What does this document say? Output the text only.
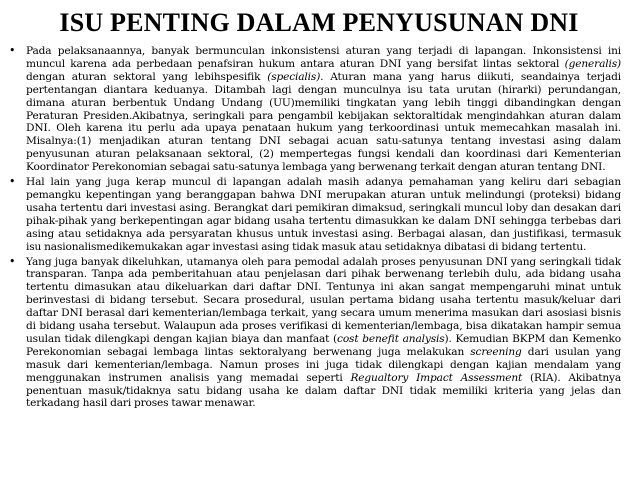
ISU PENTING DALAM PENYUSUNAN DNI
• Pada pelaksanaannya, banyak bermunculan inkonsistensi aturan yang terjadi di lapangan. Inkonsistensi ini muncul karena ada perbedaan penafsiran hukum antara aturan DNI yang bersifat lintas sektoral (generalis) dengan aturan sektoral yang lebihspesifik (specialis). Aturan mana yang harus diikuti, seandainya terjadi pertentangan diantara keduanya. Ditambah lagi dengan munculnya isu tata urutan (hirarki) perundangan, dimana aturan berbentuk Undang Undang (UU)memiliki tingkatan yang lebih tinggi dibandingkan dengan Peraturan Presiden.Akibatnya, seringkali para pengambil kebijakan sektoraltidak mengindahkan aturan dalam DNI. Oleh karena itu perlu ada upaya penataan hukum yang terkoordinasi untuk memecahkan masalah ini. Misalnya:(1) menjadikan aturan tentang DNI sebagai acuan satu-satunya tentang investasi asing dalam penyusunan aturan pelaksanaan sektoral, (2) mempertegas fungsi kendali dan koordinasi dari Kementerian Koordinator Perekonomian sebagai satu-satunya lembaga yang berwenang terkait dengan aturan tentang DNI.
• Hal lain yang juga kerap muncul di lapangan adalah masih adanya pemahaman yang keliru dari sebagian pemangku kepentingan yang beranggapan bahwa DNI merupakan aturan untuk melindungi (proteksi) bidang usaha tertentu dari investasi asing. Berangkat dari pemikiran dimaksud, seringkali muncul loby dan desakan dari pihak-pihak yang berkepentingan agar bidang usaha tertentu dimasukkan ke dalam DNI sehingga terbebas dari asing atau setidaknya ada persyaratan khusus untuk investasi asing. Berbagai alasan, dan justifikasi, termasuk isu nasionalismedikemukakan agar investasi asing tidak masuk atau setidaknya dibatasi di bidang tertentu.
• Yang juga banyak dikeluhkan, utamanya oleh para pemodal adalah proses penyusunan DNI yang seringkali tidak transparan. Tanpa ada pemberitahuan atau penjelasan dari pihak berwenang terlebih dulu, ada bidang usaha tertentu dimasukan atau dikeluarkan dari daftar DNI. Tentunya ini akan sangat mempengaruhi minat untuk berinvestasi di bidang tersebut. Secara prosedural, usulan pertama bidang usaha tertentu masuk/keluar dari daftar DNI berasal dari kementerian/lembaga terkait, yang secara umum menerima masukan dari asosiasi bisnis di bidang usaha tersebut. Walaupun ada proses verifikasi di kementerian/lembaga, bisa dikatakan hampir semua usulan tidak dilengkapi dengan kajian biaya dan manfaat (cost benefit analysis). Kemudian BKPM dan Kemenko Perekonomian sebagai lembaga lintas sektoralyang berwenang juga melakukan screening dari usulan yang masuk dari kementerian/lembaga. Namun proses ini juga tidak dilengkapi dengan kajian mendalam yang menggunakan instrumen analisis yang memadai seperti Regualtory Impact Assessment (RIA). Akibatnya penentuan masuk/tidaknya satu bidang usaha ke dalam daftar DNI tidak memiliki kriteria yang jelas dan terkadang hasil dari proses tawar menawar.
